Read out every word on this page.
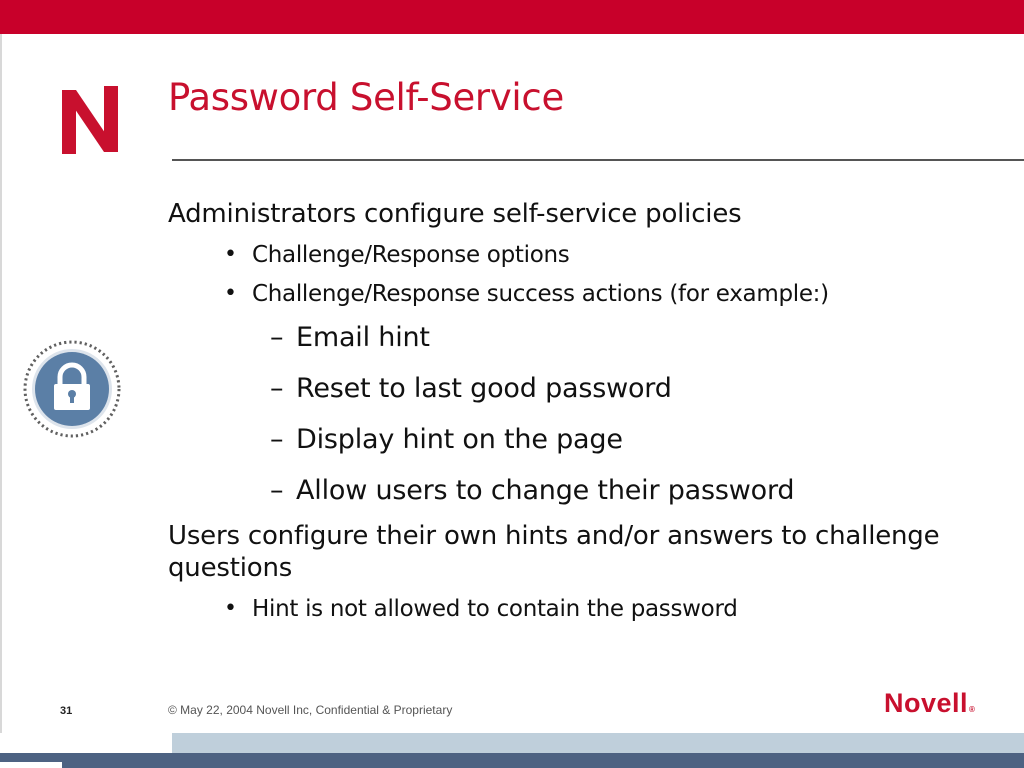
Password Self-Service

Administrators configure self-service policies

• Challenge/Response options
• Challenge/Response success actions (for example:)
– Email hint
– Reset to last good password
– Display hint on the page
– Allow users to change their password

Users configure their own hints and/or answers to challenge questions

• Hint is not allowed to contain the password
31	© May 22, 2004 Novell Inc, Confidential & Proprietary	Novell®
